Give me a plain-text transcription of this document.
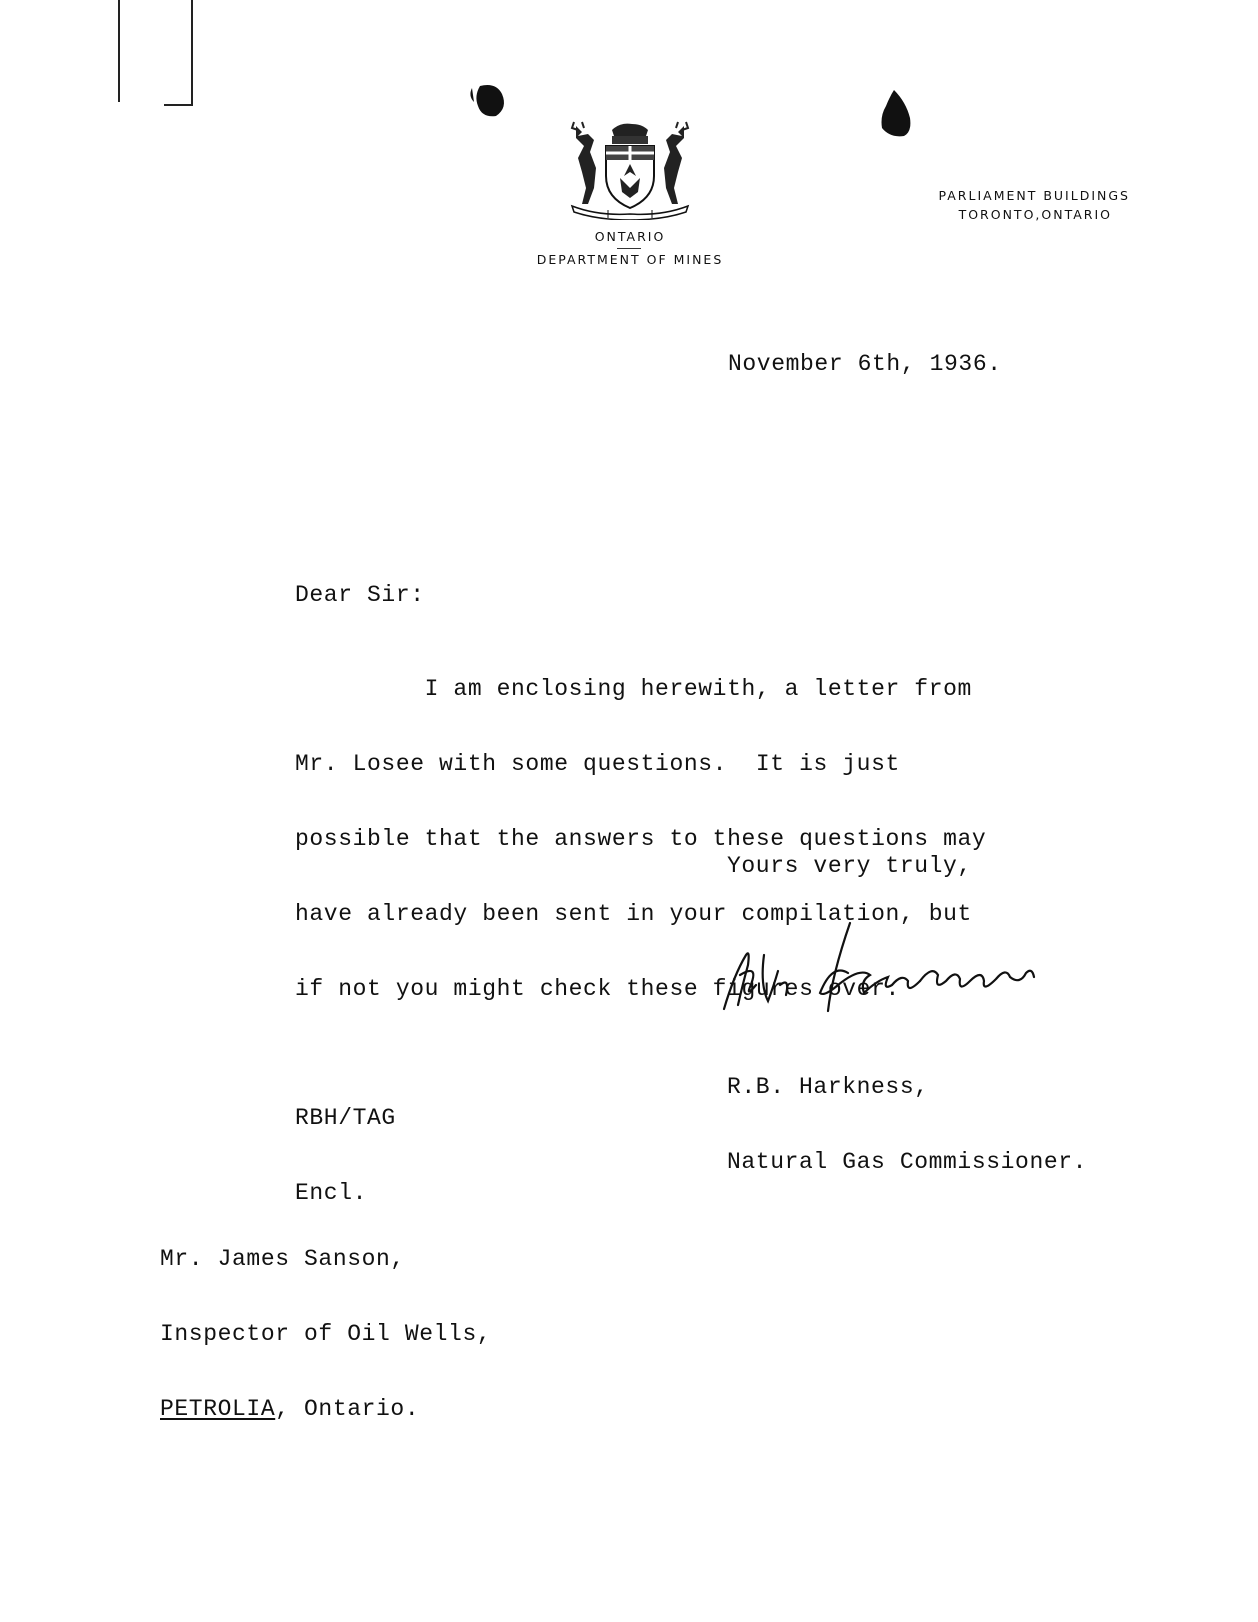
ONTARIO
DEPARTMENT OF MINES
PARLIAMENT BUILDINGS
TORONTO,ONTARIO
November 6th, 1936.
Dear Sir:

I am enclosing herewith, a letter from

Mr. Losee with some questions.  It is just

possible that the answers to these questions may

have already been sent in your compilation, but

if not you might check these figures over.

Yours very truly,

R.B. Harkness,

Natural Gas Commissioner.

RBH/TAG

Encl.

Mr. James Sanson,

Inspector of Oil Wells,

PETROLIA, Ontario.
